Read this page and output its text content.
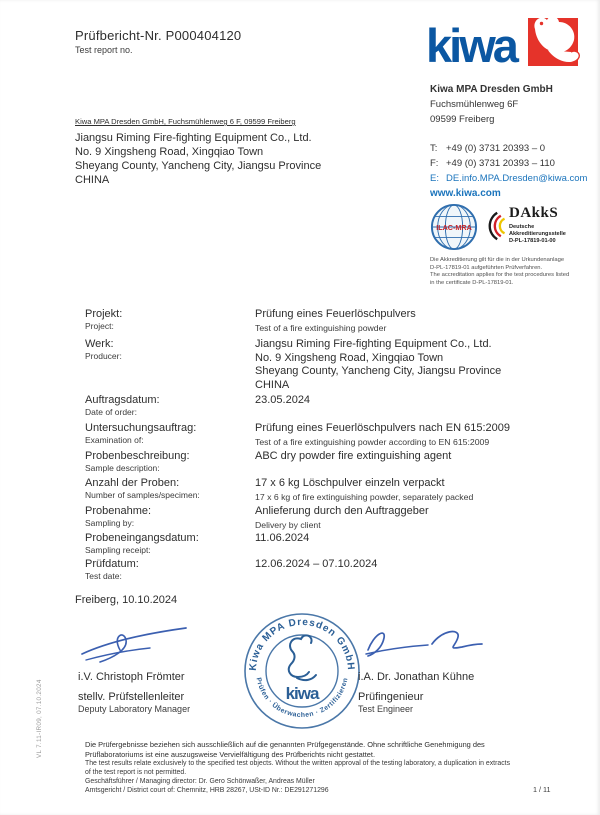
Prüfbericht-Nr. P000404120
Test report no.	kiwa
Kiwa MPA Dresden GmbH
Fuchsmühlenweg 6F
09599 Freiberg
T: +49 (0) 3731 20393 – 0
F: +49 (0) 3731 20393 – 110
E: DE.info.MPA.Dresden@kiwa.com
www.kiwa.com
Kiwa MPA Dresden GmbH, Fuchsmühlenweg 6 F, 09599 Freiberg
Jiangsu Riming Fire-fighting Equipment Co., Ltd.
No. 9 Xingsheng Road, Xingqiao Town
Sheyang County, Yancheng City, Jiangsu Province
CHINA
ILAC-MRA
DAkkS
Deutsche
Akkreditierungsstelle
D-PL-17819-01-00
Die Akkreditierung gilt für die in der Urkundenanlage
D-PL-17819-01 aufgeführten Prüfverfahren.
The accreditation applies for the test procedures listed
in the certificate D-PL-17819-01.
Projekt:
Project:
Prüfung eines Feuerlöschpulvers
Test of a fire extinguishing powder
Werk:
Producer:
Jiangsu Riming Fire-fighting Equipment Co., Ltd.
No. 9 Xingsheng Road, Xingqiao Town
Sheyang County, Yancheng City, Jiangsu Province
CHINA
Auftragsdatum:
Date of order:
23.05.2024
Untersuchungsauftrag:
Examination of:
Prüfung eines Feuerlöschpulvers nach EN 615:2009
Test of a fire extinguishing powder according to EN 615:2009
Probenbeschreibung:
Sample description:
ABC dry powder fire extinguishing agent
Anzahl der Proben:
Number of samples/specimen:
17 x 6 kg Löschpulver einzeln verpackt
17 x 6 kg of fire extinguishing powder, separately packed
Probenahme:
Sampling by:
Anlieferung durch den Auftraggeber
Delivery by client
Probeneingangsdatum:
Sampling receipt:
11.06.2024
Prüfdatum:
Test date:
12.06.2024 – 07.10.2024
Freiberg, 10.10.2024
i.V. Christoph Frömter
stellv. Prüfstellenleiter
Deputy Laboratory Manager
Kiwa MPA Dresden GmbH
Prüfen · Überwachen · Zertifizieren
kiwa
i.A. Dr. Jonathan Kühne
Prüfingenieur
Test Engineer
Die Prüfergebnisse beziehen sich ausschließlich auf die genannten Prüfgegenstände. Ohne schriftliche Genehmigung des
Prüflaboratoriums ist eine auszugsweise Vervielfältigung des Prüfberichts nicht gestattet.
The test results relate exclusively to the specified test objects. Without the written approval of the testing laboratory, a duplication in extracts
of the test report is not permitted.
Geschäftsführer / Managing director: Dr. Gero Schönwaßer, Andreas Müller
Amtsgericht / District court of: Chemnitz, HRB 28267, USt-ID Nr.: DE291271296	1 / 11
VL 7.11-IR09, 07.10.2024
